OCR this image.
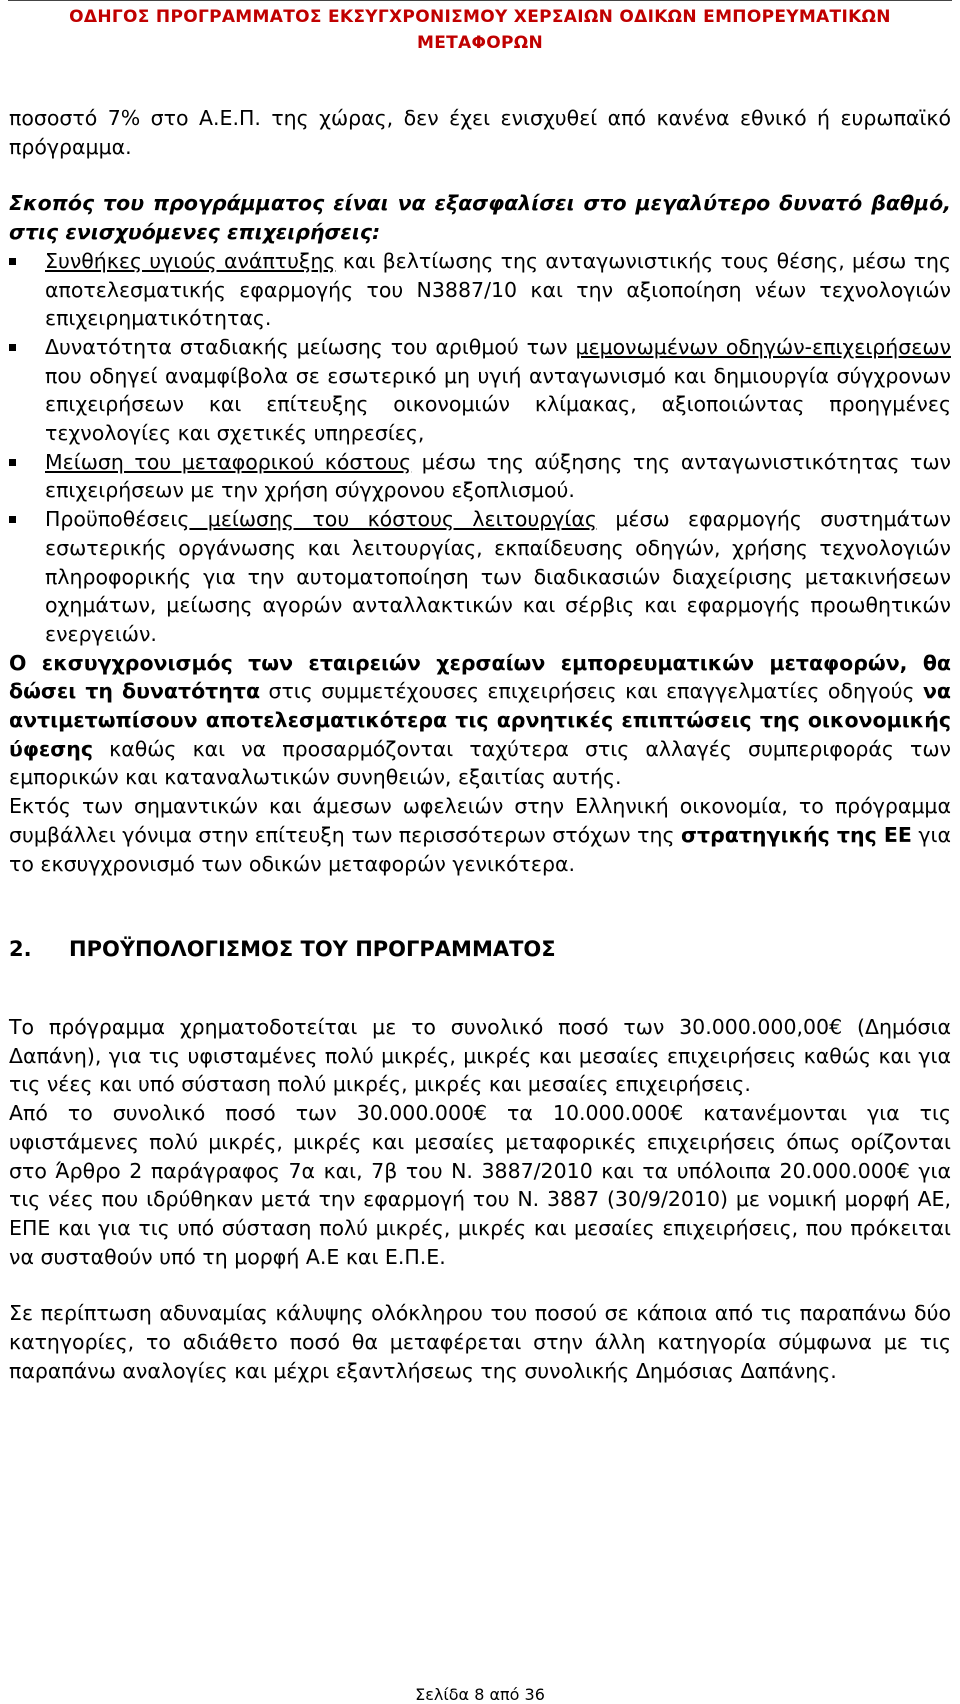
ΟΔΗΓΟΣ ΠΡΟΓΡΑΜΜΑΤΟΣ ΕΚΣΥΓΧΡΟΝΙΣΜΟΥ ΧΕΡΣΑΙΩΝ ΟΔΙΚΩΝ ΕΜΠΟΡΕΥΜΑΤΙΚΩΝ
ΜΕΤΑΦΟΡΩΝ

ποσοστό 7% στο Α.Ε.Π. της χώρας, δεν έχει ενισχυθεί από κανένα εθνικό ή ευρωπαϊκό πρόγραμμα.

Σκοπός του προγράμματος είναι να εξασφαλίσει στο μεγαλύτερο δυνατό βαθμό, στις ενισχυόμενες επιχειρήσεις:

Συνθήκες υγιούς ανάπτυξης και βελτίωσης της ανταγωνιστικής τους θέσης, μέσω της αποτελεσματικής εφαρμογής του Ν3887/10 και την αξιοποίηση νέων τεχνολογιών επιχειρηματικότητας.
Δυνατότητα σταδιακής μείωσης του αριθμού των μεμονωμένων οδηγών-επιχειρήσεων που οδηγεί αναμφίβολα σε εσωτερικό μη υγιή ανταγωνισμό και δημιουργία σύγχρονων επιχειρήσεων και επίτευξης οικονομιών κλίμακας, αξιοποιώντας προηγμένες τεχνολογίες και σχετικές υπηρεσίες,
Μείωση του μεταφορικού κόστους μέσω της αύξησης της ανταγωνιστικότητας των επιχειρήσεων με την χρήση σύγχρονου εξοπλισμού.
Προϋποθέσεις μείωσης του κόστους λειτουργίας μέσω εφαρμογής συστημάτων εσωτερικής οργάνωσης και λειτουργίας, εκπαίδευσης οδηγών, χρήσης τεχνολογιών πληροφορικής για την αυτοματοποίηση των διαδικασιών διαχείρισης μετακινήσεων οχημάτων, μείωσης αγορών ανταλλακτικών και σέρβις και εφαρμογής προωθητικών ενεργειών.

Ο εκσυγχρονισμός των εταιρειών χερσαίων εμπορευματικών μεταφορών, θα δώσει τη δυνατότητα στις συμμετέχουσες επιχειρήσεις και επαγγελματίες οδηγούς να αντιμετωπίσουν αποτελεσματικότερα τις αρνητικές επιπτώσεις της οικονομικής ύφεσης καθώς και να προσαρμόζονται ταχύτερα στις αλλαγές συμπεριφοράς των εμπορικών και καταναλωτικών συνηθειών, εξαιτίας αυτής.

Εκτός των σημαντικών και άμεσων ωφελειών στην Ελληνική οικονομία, το πρόγραμμα συμβάλλει γόνιμα στην επίτευξη των περισσότερων στόχων της στρατηγικής της ΕΕ για το εκσυγχρονισμό των οδικών μεταφορών γενικότερα.

2.	ΠΡΟΫΠΟΛΟΓΙΣΜΟΣ ΤΟΥ ΠΡΟΓΡΑΜΜΑΤΟΣ

Το πρόγραμμα χρηματοδοτείται με το συνολικό ποσό των 30.000.000,00€ (Δημόσια Δαπάνη), για τις υφισταμένες πολύ μικρές, μικρές και μεσαίες επιχειρήσεις καθώς και για τις νέες και υπό σύσταση πολύ μικρές, μικρές και μεσαίες επιχειρήσεις.

Από το συνολικό ποσό των 30.000.000€ τα 10.000.000€ κατανέμονται για τις υφιστάμενες πολύ μικρές, μικρές και μεσαίες μεταφορικές επιχειρήσεις όπως ορίζονται στο Άρθρο 2 παράγραφος 7α και, 7β του Ν. 3887/2010 και τα υπόλοιπα 20.000.000€ για τις νέες που ιδρύθηκαν μετά την εφαρμογή του Ν. 3887 (30/9/2010) με νομική μορφή ΑΕ, ΕΠΕ και για τις υπό σύσταση πολύ μικρές, μικρές και μεσαίες επιχειρήσεις, που πρόκειται να συσταθούν υπό τη μορφή Α.Ε και Ε.Π.Ε.

Σε περίπτωση αδυναμίας κάλυψης ολόκληρου του ποσού σε κάποια από τις παραπάνω δύο κατηγορίες, το αδιάθετο ποσό θα μεταφέρεται στην άλλη κατηγορία σύμφωνα με τις παραπάνω αναλογίες και μέχρι εξαντλήσεως της συνολικής Δημόσιας Δαπάνης.

Σελίδα 8 από 36
